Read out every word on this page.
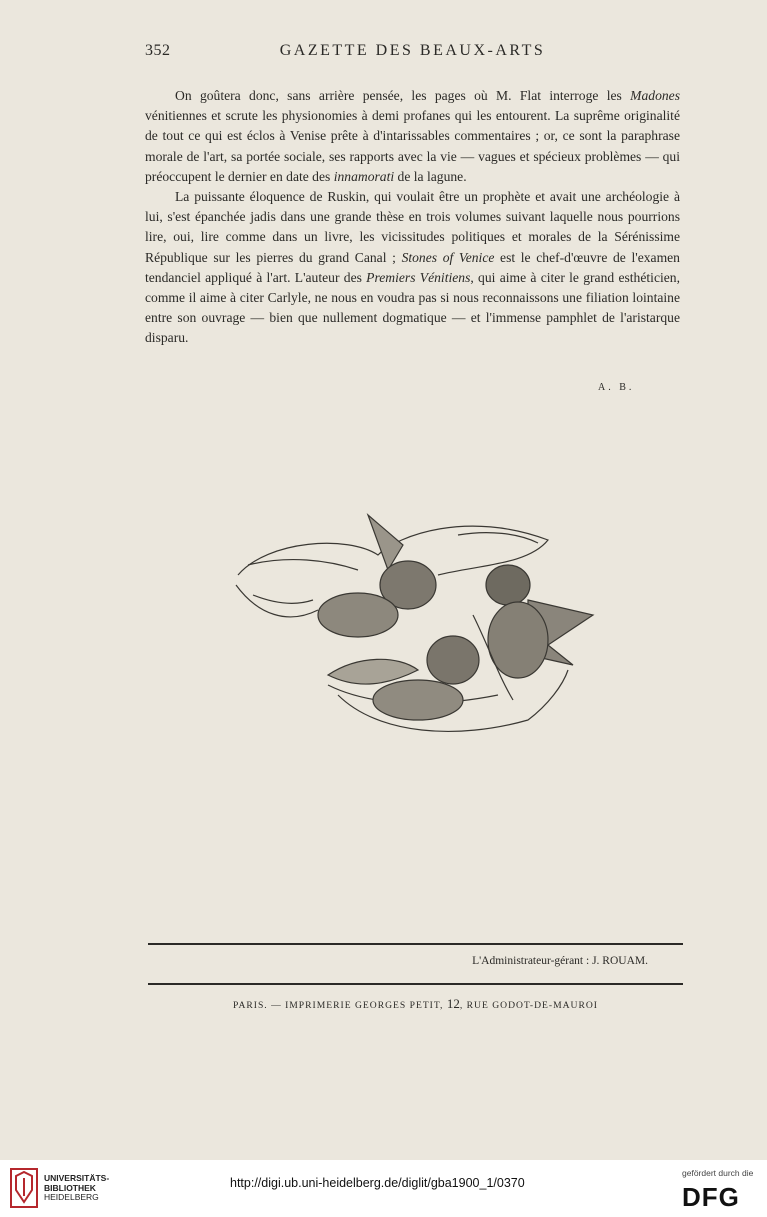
352	GAZETTE DES BEAUX-ARTS

On goûtera donc, sans arrière pensée, les pages où M. Flat interroge les Madones vénitiennes et scrute les physionomies à demi profanes qui les entourent. La suprême originalité de tout ce qui est éclos à Venise prête à d'intarissables commentaires ; or, ce sont la paraphrase morale de l'art, sa portée sociale, ses rapports avec la vie — vagues et spécieux problèmes — qui préoccupent le dernier en date des innamorati de la lagune.

La puissante éloquence de Ruskin, qui voulait être un prophète et avait une archéologie à lui, s'est épanchée jadis dans une grande thèse en trois volumes suivant laquelle nous pourrions lire, oui, lire comme dans un livre, les vicissitudes politiques et morales de la Sérénissime République sur les pierres du grand Canal ; Stones of Venice est le chef-d'œuvre de l'examen tendanciel appliqué à l'art. L'auteur des Premiers Vénitiens, qui aime à citer le grand esthéticien, comme il aime à citer Carlyle, ne nous en voudra pas si nous reconnaissons une filiation lointaine entre son ouvrage — bien que nullement dogmatique — et l'immense pamphlet de l'aristarque disparu.

A. B.
L'Administrateur-gérant : J. ROUAM.
PARIS. — IMPRIMERIE GEORGES PETIT, 12, RUE GODOT-DE-MAUROI
UNIVERSITÄTS-
BIBLIOTHEK
HEIDELBERG
http://digi.ub.uni-heidelberg.de/diglit/gba1900_1/0370
gefördert durch die
DFG
